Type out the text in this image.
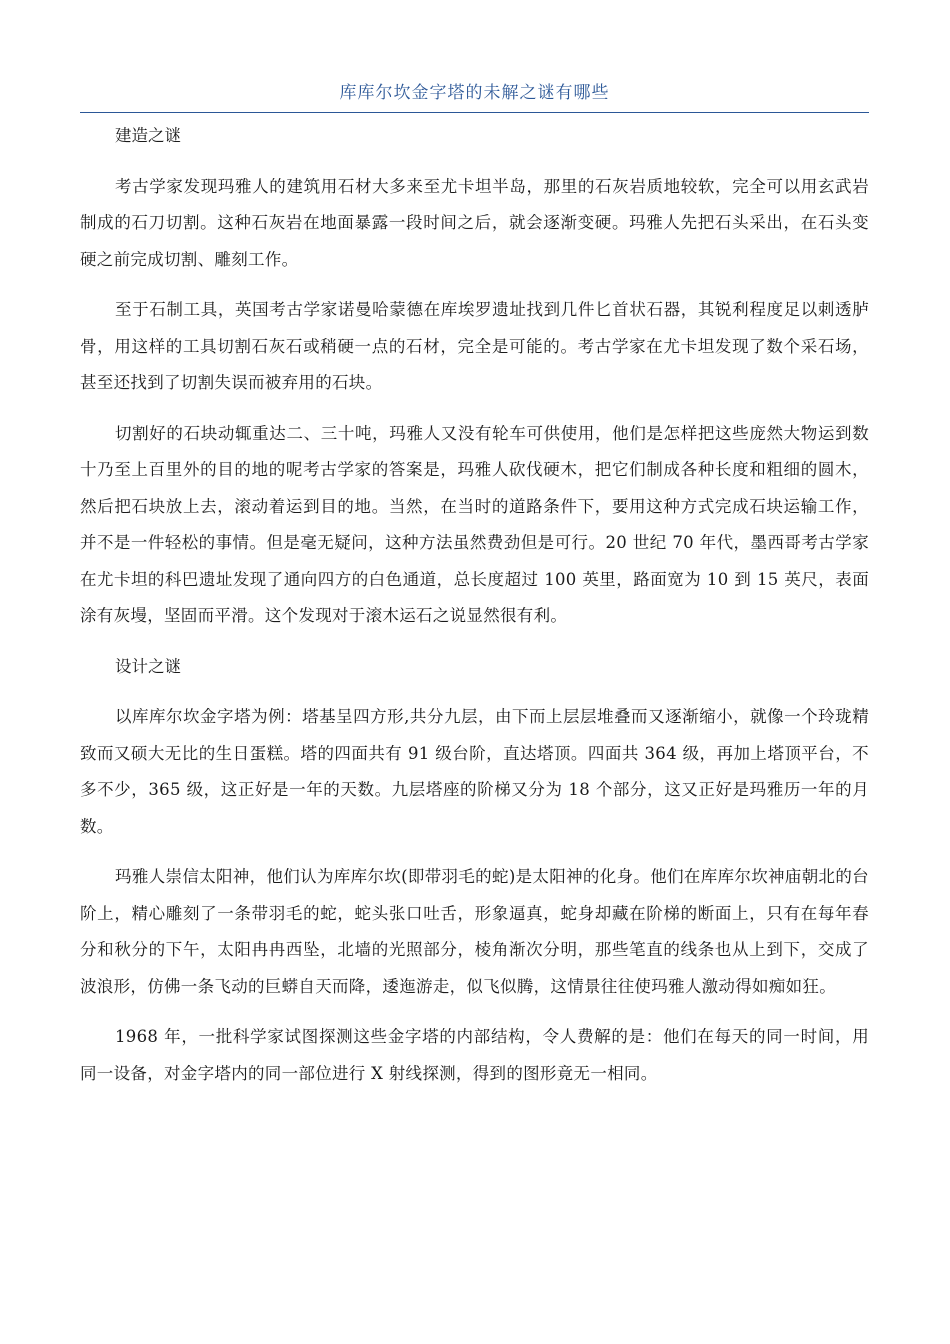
库库尔坎金字塔的未解之谜有哪些

建造之谜

考古学家发现玛雅人的建筑用石材大多来至尤卡坦半岛，那里的石灰岩质地较软，完全可以用玄武岩制成的石刀切割。这种石灰岩在地面暴露一段时间之后，就会逐渐变硬。玛雅人先把石头采出，在石头变硬之前完成切割、雕刻工作。

至于石制工具，英国考古学家诺曼哈蒙德在库埃罗遗址找到几件匕首状石器，其锐利程度足以刺透胪骨，用这样的工具切割石灰石或稍硬一点的石材，完全是可能的。考古学家在尤卡坦发现了数个采石场，甚至还找到了切割失误而被弃用的石块。

切割好的石块动辄重达二、三十吨，玛雅人又没有轮车可供使用，他们是怎样把这些庞然大物运到数十乃至上百里外的目的地的呢考古学家的答案是，玛雅人砍伐硬木，把它们制成各种长度和粗细的圆木，然后把石块放上去，滚动着运到目的地。当然，在当时的道路条件下，要用这种方式完成石块运输工作，并不是一件轻松的事情。但是毫无疑问，这种方法虽然费劲但是可行。20 世纪 70 年代，墨西哥考古学家在尤卡坦的科巴遗址发现了通向四方的白色通道，总长度超过 100 英里，路面宽为 10 到 15 英尺，表面涂有灰墁，坚固而平滑。这个发现对于滚木运石之说显然很有利。

设计之谜

以库库尔坎金字塔为例：塔基呈四方形,共分九层，由下而上层层堆叠而又逐渐缩小，就像一个玲珑精致而又硕大无比的生日蛋糕。塔的四面共有 91 级台阶，直达塔顶。四面共 364 级，再加上塔顶平台，不多不少，365 级，这正好是一年的天数。九层塔座的阶梯又分为 18 个部分，这又正好是玛雅历一年的月数。

玛雅人崇信太阳神，他们认为库库尔坎(即带羽毛的蛇)是太阳神的化身。他们在库库尔坎神庙朝北的台阶上，精心雕刻了一条带羽毛的蛇，蛇头张口吐舌，形象逼真，蛇身却藏在阶梯的断面上，只有在每年春分和秋分的下午，太阳冉冉西坠，北墙的光照部分，棱角渐次分明，那些笔直的线条也从上到下，交成了波浪形，仿佛一条飞动的巨蟒自天而降，逶迤游走，似飞似腾，这情景往往使玛雅人激动得如痴如狂。

1968 年，一批科学家试图探测这些金字塔的内部结构，令人费解的是：他们在每天的同一时间，用同一设备，对金字塔内的同一部位进行 X 射线探测，得到的图形竟无一相同。
